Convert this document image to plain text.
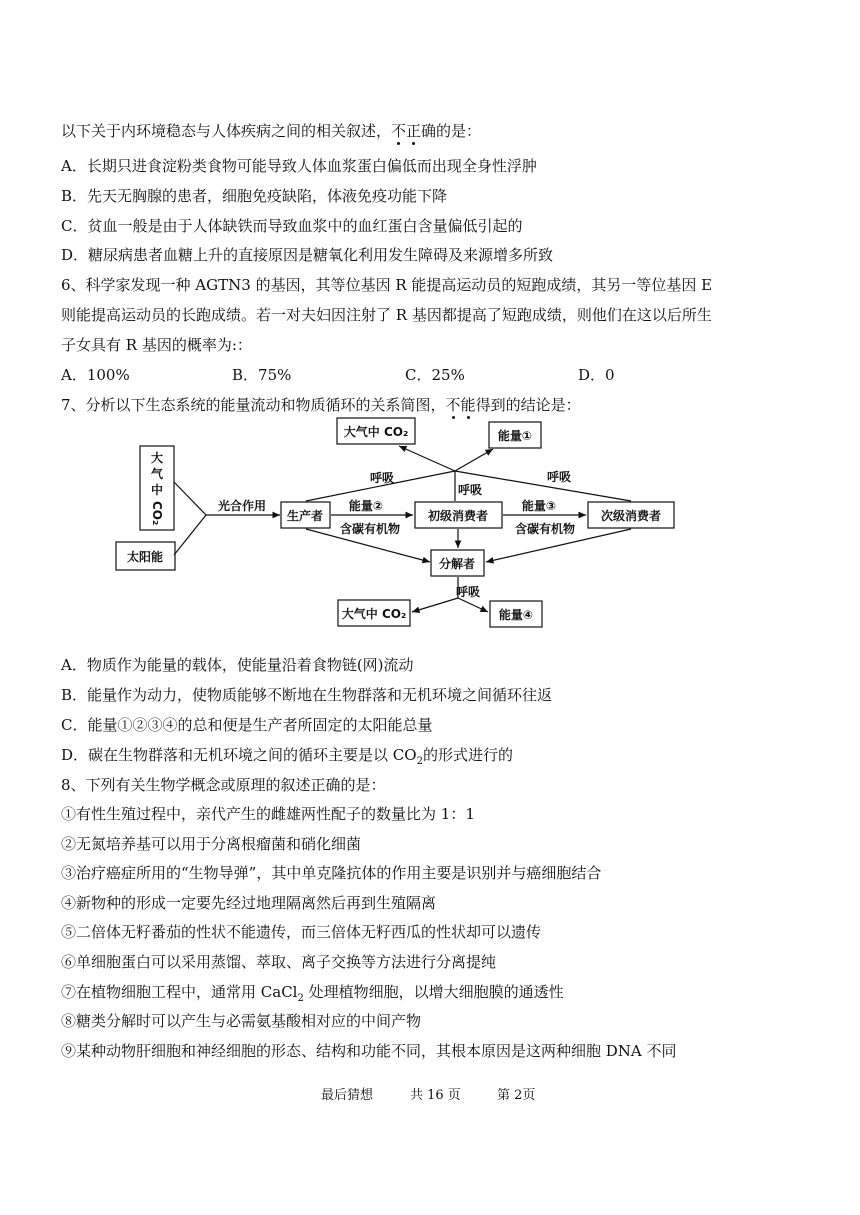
以下关于内环境稳态与人体疾病之间的相关叙述，不正确的是：
A．长期只进食淀粉类食物可能导致人体血浆蛋白偏低而出现全身性浮肿
B．先天无胸腺的患者，细胞免疫缺陷，体液免疫功能下降
C．贫血一般是由于人体缺铁而导致血浆中的血红蛋白含量偏低引起的
D．糖尿病患者血糖上升的直接原因是糖氧化利用发生障碍及来源增多所致
6、科学家发现一种 AGTN3 的基因，其等位基因 R 能提高运动员的短跑成绩，其另一等位基因 E
则能提高运动员的长跑成绩。若一对夫妇因注射了 R 基因都提高了短跑成绩，则他们在这以后所生
子女具有 R 基因的概率为:：
A．100%	B．75%	C．25%	D．0
7、分析以下生态系统的能量流动和物质循环的关系简图，不能得到的结论是：
大
气
中
CO₂
太阳能
光合作用
生产者	初级消费者	次级消费者
分解者
大气中 CO₂	能量①
大气中 CO₂	能量④
能量②	能量③
含碳有机物	含碳有机物
呼吸
呼吸
呼吸
呼吸
A．物质作为能量的载体，使能量沿着食物链(网)流动
B．能量作为动力，使物质能够不断地在生物群落和无机环境之间循环往返
C．能量①②③④的总和便是生产者所固定的太阳能总量
D．碳在生物群落和无机环境之间的循环主要是以 $CO_2$的形式进行的
8、下列有关生物学概念或原理的叙述正确的是：
①有性生殖过程中，亲代产生的雌雄两性配子的数量比为 1：1
②无氮培养基可以用于分离根瘤菌和硝化细菌
③治疗癌症所用的“生物导弹”，其中单克隆抗体的作用主要是识别并与癌细胞结合
④新物种的形成一定要先经过地理隔离然后再到生殖隔离
⑤二倍体无籽番茄的性状不能遗传，而三倍体无籽西瓜的性状却可以遗传
⑥单细胞蛋白可以采用蒸馏、萃取、离子交换等方法进行分离提纯
⑦在植物细胞工程中，通常用 CaCl$_2$ 处理植物细胞，以增大细胞膜的通透性
⑧糖类分解时可以产生与必需氨基酸相对应的中间产物
⑨某种动物肝细胞和神经细胞的形态、结构和功能不同，其根本原因是这两种细胞 DNA 不同
最后猜想	共 16 页	第 2页
